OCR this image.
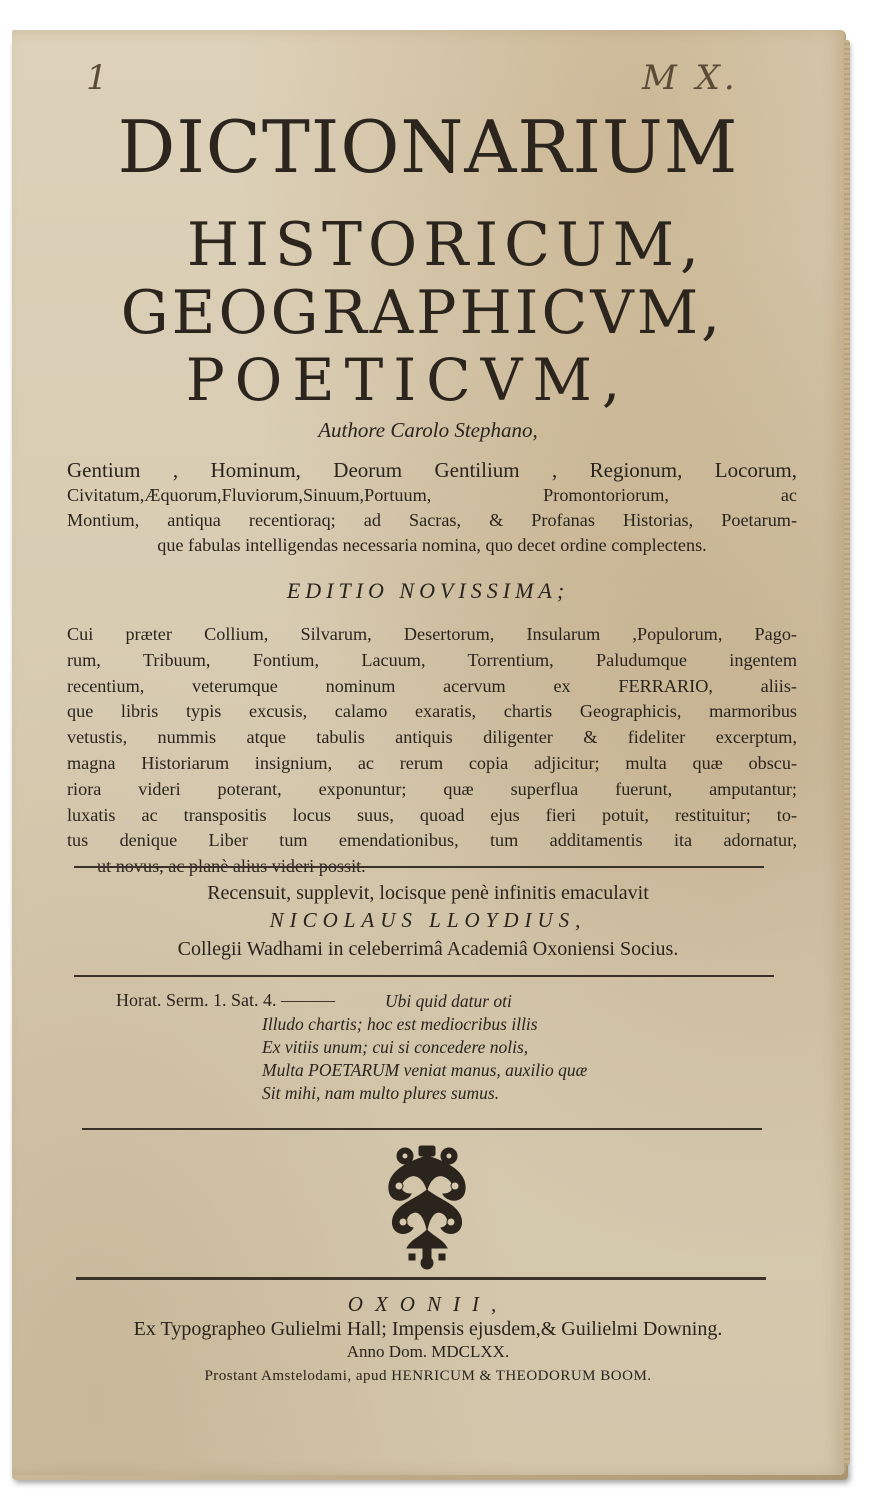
1	M X.
DICTIONARIUM
HISTORICUM,
GEOGRAPHICVM,
POETICVM,
Authore Carolo Stephano,
Gentium , Hominum, Deorum Gentilium , Regionum, Locorum,
Civitatum,Æquorum,Fluviorum,Sinuum,Portuum, Promontoriorum, ac
Montium, antiqua recentioraq; ad Sacras, & Profanas Historias, Poetarum-
que fabulas intelligendas necessaria nomina, quo decet ordine complectens.
EDITIO NOVISSIMA;
Cui præter Collium, Silvarum, Desertorum, Insularum ,Populorum, Pago-
rum, Tribuum, Fontium, Lacuum, Torrentium, Paludumque ingentem
recentium, veterumque nominum acervum ex FERRARIO, aliis-
que libris typis excusis, calamo exaratis, chartis Geographicis, marmoribus
vetustis, nummis atque tabulis antiquis diligenter & fideliter excerptum,
magna Historiarum insignium, ac rerum copia adjicitur; multa quæ obscu-
riora videri poterant, exponuntur; quæ superflua fuerunt, amputantur;
luxatis ac transpositis locus suus, quoad ejus fieri potuit, restituitur; to-
tus denique Liber tum emendationibus, tum additamentis ita adornatur,
ut novus, ac planè alius videri possit.
Recensuit, supplevit, locisque penè infinitis emaculavit
NICOLAUS LLOYDIUS,
Collegii Wadhami in celeberrimâ Academiâ Oxoniensi Socius.
Horat. Serm. 1. Sat. 4. ———	Ubi quid datur oti
Illudo chartis; hoc est mediocribus illis
Ex vitiis unum; cui si concedere nolis,
Multa POETARUM veniat manus, auxilio quæ
Sit mihi, nam multo plures sumus.
OXONII,
Ex Typographeo Gulielmi Hall; Impensis ejusdem,& Guilielmi Downing.
Anno Dom. MDCLXX.
Prostant Amstelodami, apud HENRICUM & THEODORUM BOOM.
